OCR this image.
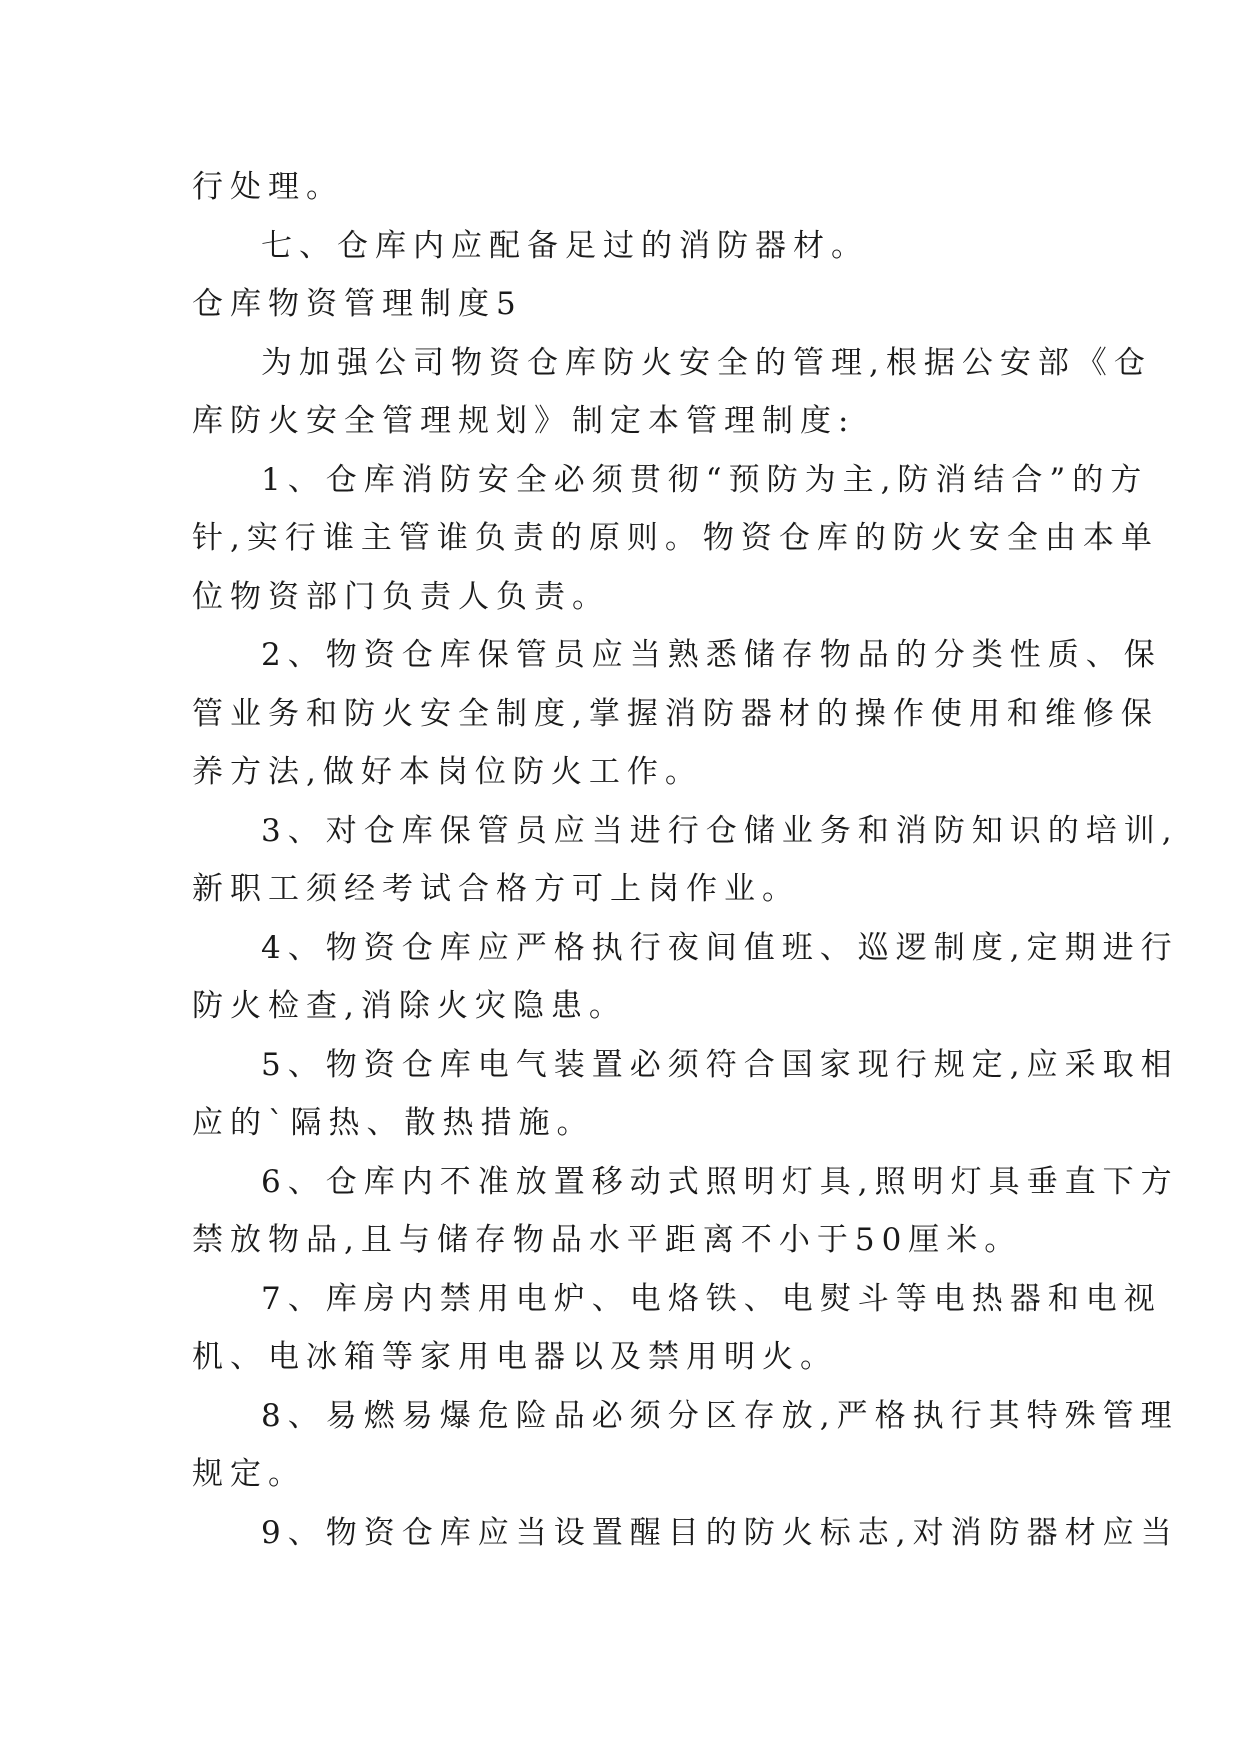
行处理。

七、仓库内应配备足过的消防器材。

仓库物资管理制度5

为加强公司物资仓库防火安全的管理,根据公安部《仓

库防火安全管理规划》制定本管理制度:

1、仓库消防安全必须贯彻“预防为主,防消结合”的方

针,实行谁主管谁负责的原则。物资仓库的防火安全由本单

位物资部门负责人负责。

2、物资仓库保管员应当熟悉储存物品的分类性质、保

管业务和防火安全制度,掌握消防器材的操作使用和维修保

养方法,做好本岗位防火工作。

3、对仓库保管员应当进行仓储业务和消防知识的培训,

新职工须经考试合格方可上岗作业。

4、物资仓库应严格执行夜间值班、巡逻制度,定期进行

防火检查,消除火灾隐患。

5、物资仓库电气装置必须符合国家现行规定,应采取相

应的`隔热、散热措施。

6、仓库内不准放置移动式照明灯具,照明灯具垂直下方

禁放物品,且与储存物品水平距离不小于50厘米。

7、库房内禁用电炉、电烙铁、电熨斗等电热器和电视

机、电冰箱等家用电器以及禁用明火。

8、易燃易爆危险品必须分区存放,严格执行其特殊管理

规定。

9、物资仓库应当设置醒目的防火标志,对消防器材应当
